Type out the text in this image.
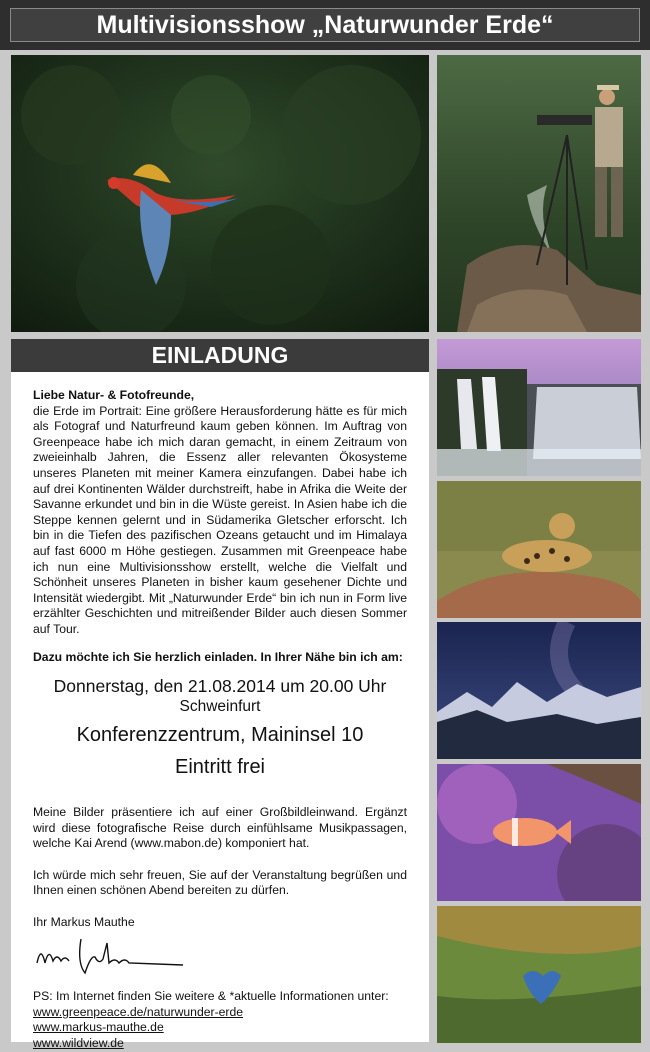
Multivisionsshow „Naturwunder Erde“
EINLADUNG
Liebe Natur- & Fotofreunde,
die Erde im Portrait: Eine größere Herausforderung hätte es für mich als Fotograf und Naturfreund kaum geben können. Im Auftrag von Greenpeace habe ich mich daran gemacht, in einem Zeitraum von zweieinhalb Jahren, die Essenz aller relevanten Ökosysteme unseres Planeten mit meiner Kamera einzufangen. Dabei habe ich auf drei Kontinenten Wälder durchstreift, habe in Afrika die Weite der Savanne erkundet und bin in die Wüste gereist. In Asien habe ich die Steppe kennen gelernt und in Südamerika Gletscher erforscht. Ich bin in die Tiefen des pazifischen Ozeans getaucht und im Himalaya auf fast 6000 m Höhe gestiegen. Zusammen mit Greenpeace habe ich nun eine Multivisionsshow erstellt, welche die Vielfalt und Schönheit unseres Planeten in bisher kaum gesehener Dichte und Intensität wiedergibt. Mit „Naturwunder Erde“ bin ich nun in Form live erzählter Geschichten und mitreißender Bilder auch diesen Sommer auf Tour.
Dazu möchte ich Sie herzlich einladen. In Ihrer Nähe bin ich am:
Donnerstag, den 21.08.2014 um 20.00 Uhr
Schweinfurt
Konferenzzentrum, Maininsel 10
Eintritt frei
Meine Bilder präsentiere ich auf einer Großbildleinwand. Ergänzt wird diese fotografische Reise durch einfühlsame Musikpassagen, welche Kai Arend (www.mabon.de) komponiert hat.
Ich würde mich sehr freuen, Sie auf der Veranstaltung begrüßen und Ihnen einen schönen Abend bereiten zu dürfen.
Ihr Markus Mauthe
PS: Im Internet finden Sie weitere & *aktuelle Informationen unter:
www.greenpeace.de/naturwunder-erde
www.markus-mauthe.de
www.wildview.de
